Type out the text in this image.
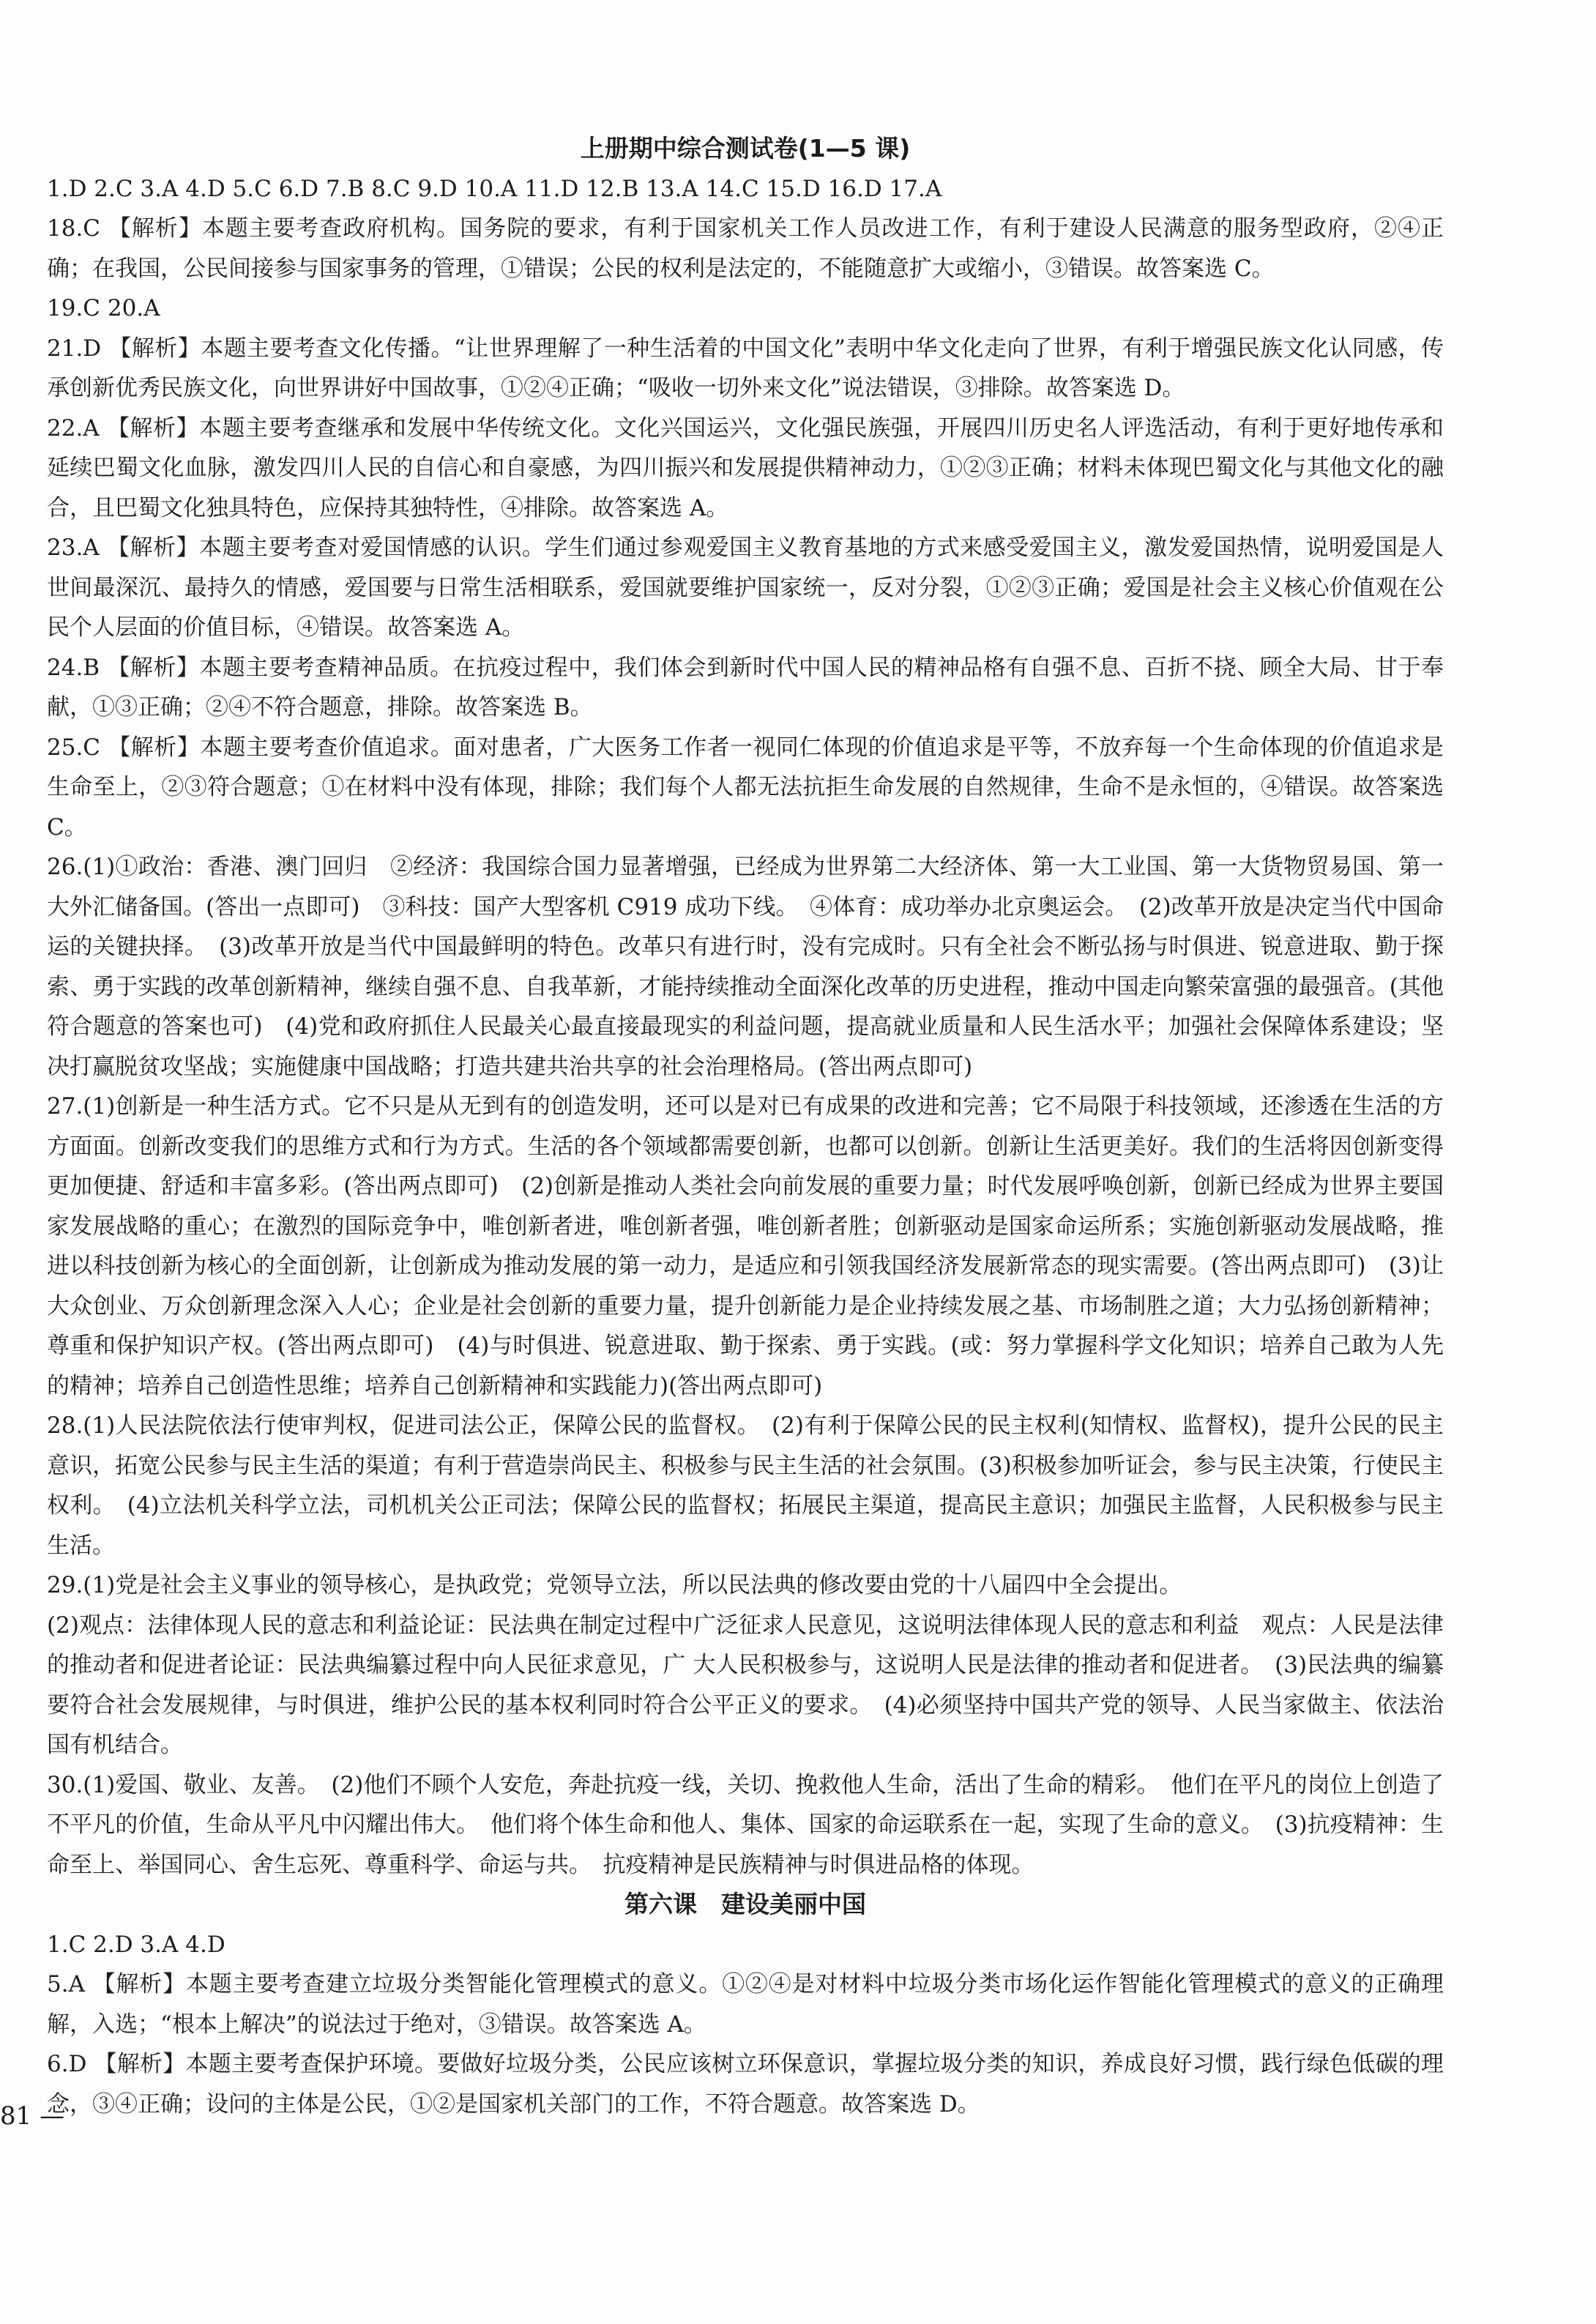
上册期中综合测试卷(1—5 课)

1.D 2.C 3.A 4.D 5.C 6.D 7.B 8.C 9.D 10.A 11.D 12.B 13.A 14.C 15.D 16.D 17.A

18.C 【解析】本题主要考查政府机构。国务院的要求，有利于国家机关工作人员改进工作，有利于建设人民满意的服务型政府，②④正确；在我国，公民间接参与国家事务的管理，①错误；公民的权利是法定的，不能随意扩大或缩小，③错误。故答案选 C。

19.C 20.A

21.D 【解析】本题主要考查文化传播。“让世界理解了一种生活着的中国文化”表明中华文化走向了世界，有利于增强民族文化认同感，传承创新优秀民族文化，向世界讲好中国故事，①②④正确；“吸收一切外来文化”说法错误，③排除。故答案选 D。

22.A 【解析】本题主要考查继承和发展中华传统文化。文化兴国运兴，文化强民族强，开展四川历史名人评选活动，有利于更好地传承和延续巴蜀文化血脉，激发四川人民的自信心和自豪感，为四川振兴和发展提供精神动力，①②③正确；材料未体现巴蜀文化与其他文化的融合，且巴蜀文化独具特色，应保持其独特性，④排除。故答案选 A。

23.A 【解析】本题主要考查对爱国情感的认识。学生们通过参观爱国主义教育基地的方式来感受爱国主义，激发爱国热情，说明爱国是人世间最深沉、最持久的情感，爱国要与日常生活相联系，爱国就要维护国家统一，反对分裂，①②③正确；爱国是社会主义核心价值观在公民个人层面的价值目标，④错误。故答案选 A。

24.B 【解析】本题主要考查精神品质。在抗疫过程中，我们体会到新时代中国人民的精神品格有自强不息、百折不挠、顾全大局、甘于奉献，①③正确；②④不符合题意，排除。故答案选 B。

25.C 【解析】本题主要考查价值追求。面对患者，广大医务工作者一视同仁体现的价值追求是平等，不放弃每一个生命体现的价值追求是生命至上，②③符合题意；①在材料中没有体现，排除；我们每个人都无法抗拒生命发展的自然规律，生命不是永恒的，④错误。故答案选 C。

26.(1)①政治：香港、澳门回归　②经济：我国综合国力显著增强，已经成为世界第二大经济体、第一大工业国、第一大货物贸易国、第一大外汇储备国。(答出一点即可)　③科技：国产大型客机 C919 成功下线。　④体育：成功举办北京奥运会。　(2)改革开放是决定当代中国命运的关键抉择。　(3)改革开放是当代中国最鲜明的特色。改革只有进行时，没有完成时。只有全社会不断弘扬与时俱进、锐意进取、勤于探索、勇于实践的改革创新精神，继续自强不息、自我革新，才能持续推动全面深化改革的历史进程，推动中国走向繁荣富强的最强音。(其他符合题意的答案也可)　(4)党和政府抓住人民最关心最直接最现实的利益问题，提高就业质量和人民生活水平；加强社会保障体系建设；坚决打赢脱贫攻坚战；实施健康中国战略；打造共建共治共享的社会治理格局。(答出两点即可)

27.(1)创新是一种生活方式。它不只是从无到有的创造发明，还可以是对已有成果的改进和完善；它不局限于科技领域，还渗透在生活的方方面面。创新改变我们的思维方式和行为方式。生活的各个领域都需要创新，也都可以创新。创新让生活更美好。我们的生活将因创新变得更加便捷、舒适和丰富多彩。(答出两点即可)　(2)创新是推动人类社会向前发展的重要力量；时代发展呼唤创新，创新已经成为世界主要国家发展战略的重心；在激烈的国际竞争中，唯创新者进，唯创新者强，唯创新者胜；创新驱动是国家命运所系；实施创新驱动发展战略，推进以科技创新为核心的全面创新，让创新成为推动发展的第一动力，是适应和引领我国经济发展新常态的现实需要。(答出两点即可)　(3)让大众创业、万众创新理念深入人心；企业是社会创新的重要力量，提升创新能力是企业持续发展之基、市场制胜之道；大力弘扬创新精神；尊重和保护知识产权。(答出两点即可)　(4)与时俱进、锐意进取、勤于探索、勇于实践。(或：努力掌握科学文化知识；培养自己敢为人先的精神；培养自己创造性思维；培养自己创新精神和实践能力)(答出两点即可)

28.(1)人民法院依法行使审判权，促进司法公正，保障公民的监督权。　(2)有利于保障公民的民主权利(知情权、监督权)，提升公民的民主意识，拓宽公民参与民主生活的渠道；有利于营造崇尚民主、积极参与民主生活的社会氛围。(3)积极参加听证会，参与民主决策，行使民主权利。　(4)立法机关科学立法，司机机关公正司法；保障公民的监督权；拓展民主渠道，提高民主意识；加强民主监督，人民积极参与民主生活。

29.(1)党是社会主义事业的领导核心，是执政党；党领导立法，所以民法典的修改要由党的十八届四中全会提出。

(2)观点：法律体现人民的意志和利益论证：民法典在制定过程中广泛征求人民意见，这说明法律体现人民的意志和利益　观点：人民是法律的推动者和促进者论证：民法典编纂过程中向人民征求意见，广 大人民积极参与，这说明人民是法律的推动者和促进者。　(3)民法典的编纂要符合社会发展规律，与时俱进，维护公民的基本权利同时符合公平正义的要求。　(4)必须坚持中国共产党的领导、人民当家做主、依法治国有机结合。

30.(1)爱国、敬业、友善。　(2)他们不顾个人安危，奔赴抗疫一线，关切、挽救他人生命，活出了生命的精彩。　他们在平凡的岗位上创造了不平凡的价值，生命从平凡中闪耀出伟大。　他们将个体生命和他人、集体、国家的命运联系在一起，实现了生命的意义。　(3)抗疫精神：生命至上、举国同心、舍生忘死、尊重科学、命运与共。　抗疫精神是民族精神与时俱进品格的体现。

第六课　建设美丽中国

1.C 2.D 3.A 4.D

5.A 【解析】本题主要考查建立垃圾分类智能化管理模式的意义。①②④是对材料中垃圾分类市场化运作智能化管理模式的意义的正确理解，入选；“根本上解决”的说法过于绝对，③错误。故答案选 A。

6.D 【解析】本题主要考查保护环境。要做好垃圾分类，公民应该树立环保意识，掌握垃圾分类的知识，养成良好习惯，践行绿色低碳的理念，③④正确；设问的主体是公民，①②是国家机关部门的工作，不符合题意。故答案选 D。

81 —
